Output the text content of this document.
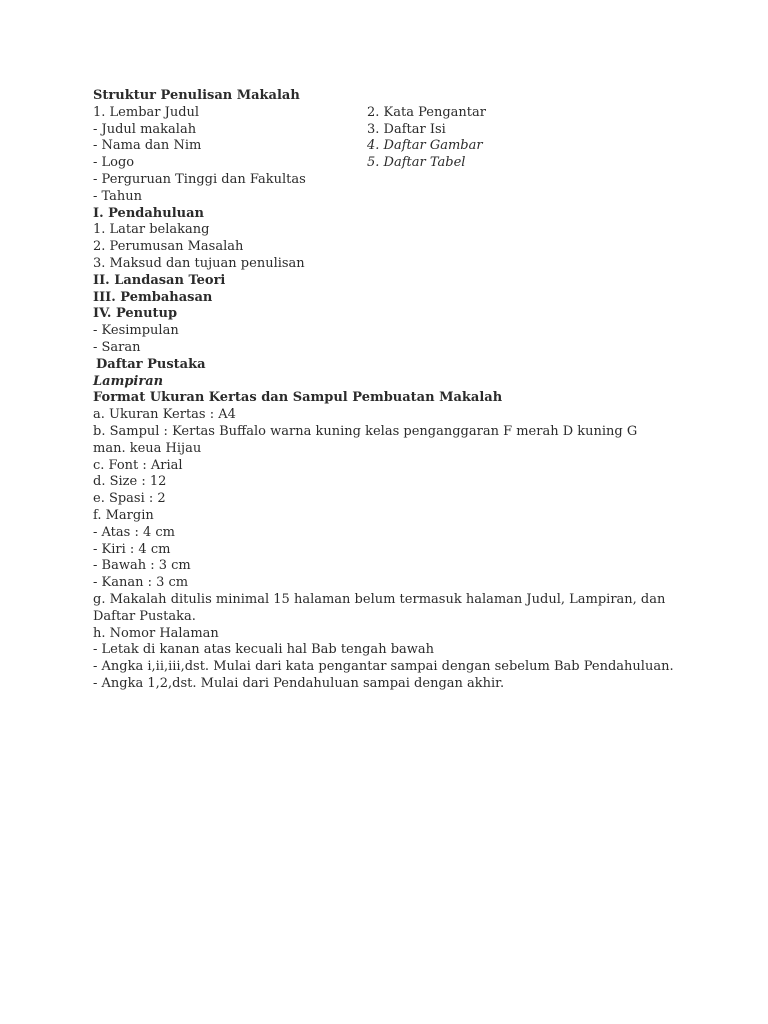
Struktur Penulisan Makalah
1. Lembar Judul
- Judul makalah
- Nama dan Nim
- Logo
- Perguruan Tinggi dan Fakultas
- Tahun
2. Kata Pengantar
3. Daftar Isi
4. Daftar Gambar
5. Daftar Tabel
I. Pendahuluan
1. Latar belakang
2. Perumusan Masalah
3. Maksud dan tujuan penulisan
II. Landasan Teori
III. Pembahasan
IV. Penutup
- Kesimpulan
- Saran
Daftar Pustaka
Lampiran
Format Ukuran Kertas dan Sampul Pembuatan Makalah
a. Ukuran Kertas : A4
b. Sampul : Kertas Buffalo warna kuning kelas penganggaran F merah D kuning G man. keua Hijau
c. Font : Arial
d. Size : 12
e. Spasi : 2
f. Margin
- Atas : 4 cm
- Kiri : 4 cm
- Bawah : 3 cm
- Kanan : 3 cm
g. Makalah ditulis minimal 15 halaman belum termasuk halaman Judul, Lampiran, dan Daftar Pustaka.
h. Nomor Halaman
- Letak di kanan atas kecuali hal Bab tengah bawah
- Angka i,ii,iii,dst. Mulai dari kata pengantar sampai dengan sebelum Bab Pendahuluan.
- Angka 1,2,dst. Mulai dari Pendahuluan sampai dengan akhir.
